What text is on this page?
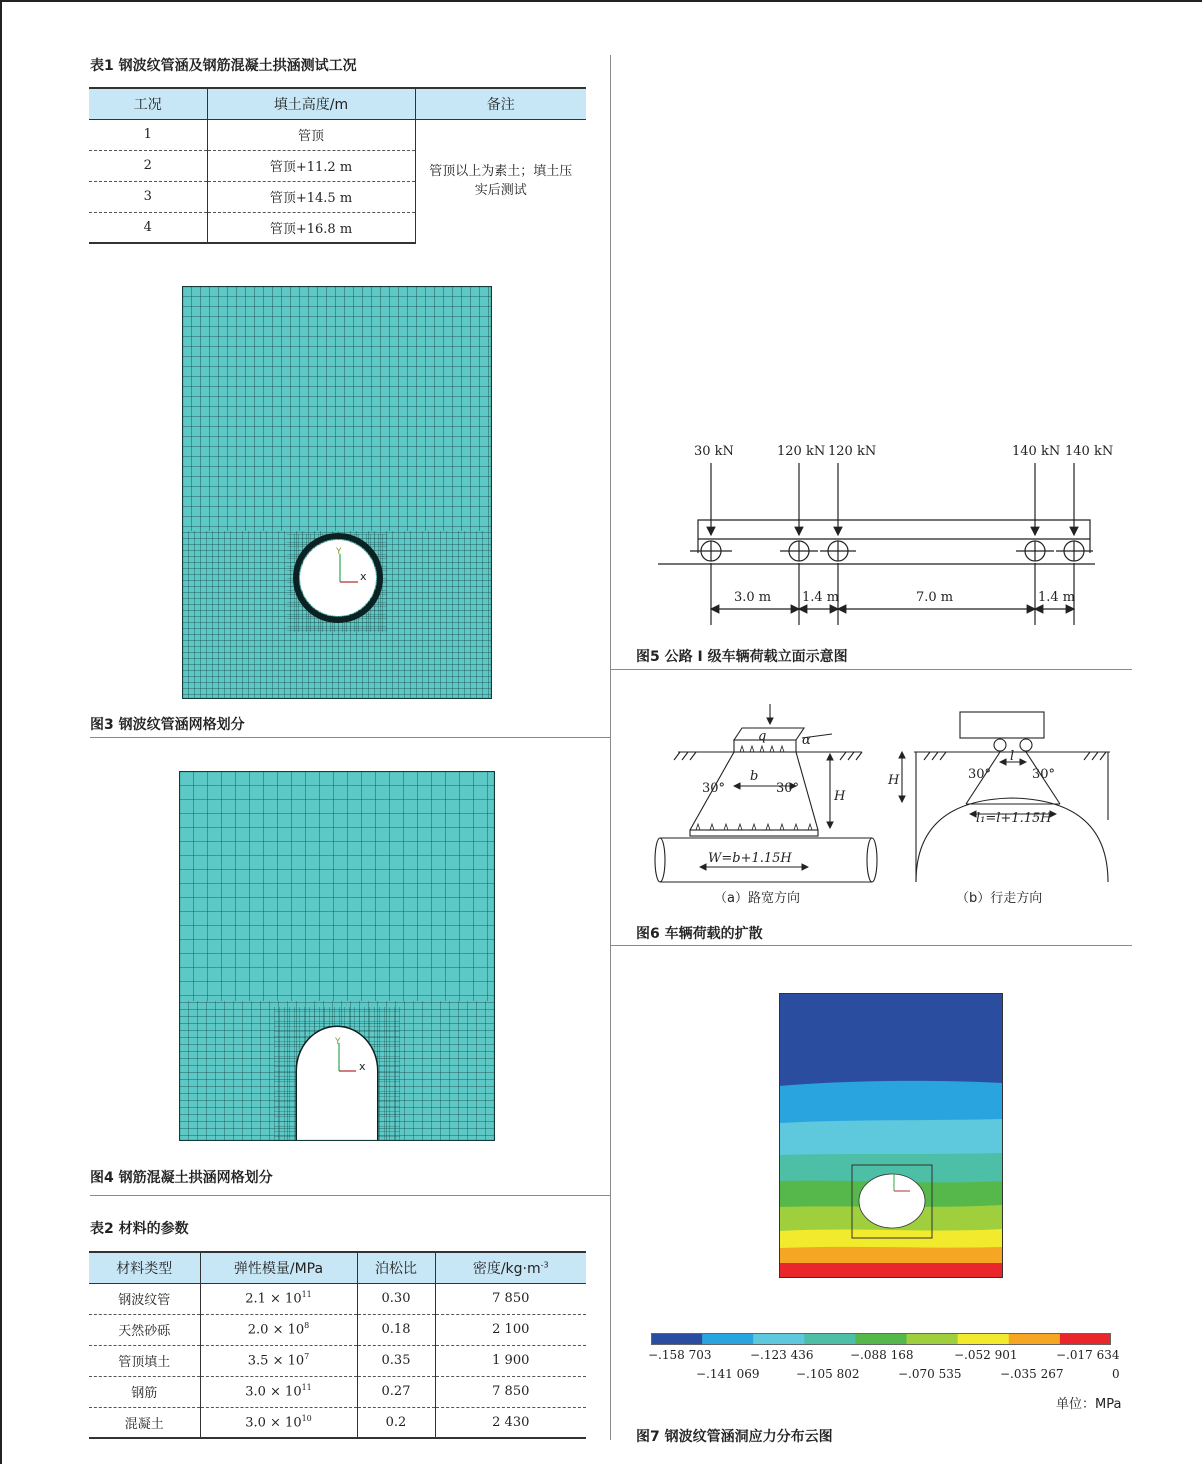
表1 钢波纹管涵及钢筋混凝土拱涵测试工况
工况	填土高度/m	备注
1	管顶	管顶以上为素土；填土压实后测试
2	管顶+11.2 m	
3	管顶+14.5 m	
4	管顶+16.8 m	
Y
x
图3 钢波纹管涵网格划分
Y
x
图4 钢筋混凝土拱涵网格划分
表2 材料的参数
材料类型	弹性模量/MPa	泊松比	密度$/kg\cdot m^{-3}$
钢波纹管	$2.1 \times 10^{11}$	0.30	7 850
天然砂砾	$2.0 \times 10^8$	0.18	2 100
管顶填土	$3.5 \times 10^7$	0.35	1 900
钢筋	$3.0 \times 10^{11}$	0.27	7 850
混凝土	$3.0 \times 10^{10}$	0.2	2 430
30 kN	120 kN 120 kN	140 kN 140 kN
3.0 m 1.4 m	7.0 m	1.4 m
图5 公路 Ⅰ 级车辆荷载立面示意图
q	α
b
30°	30°
H
W=b+1.15H
（a）路宽方向
H	30°	30°
l
l₁=l+1.15H
（b）行走方向
图6 车辆荷载的扩散
−.158 703	−.123 436	−.088 168	−.052 901	−.017 634
−.141 069	−.105 802	−.070 535	−.035 267	0
单位：MPa
图7 钢波纹管涵洞应力分布云图
